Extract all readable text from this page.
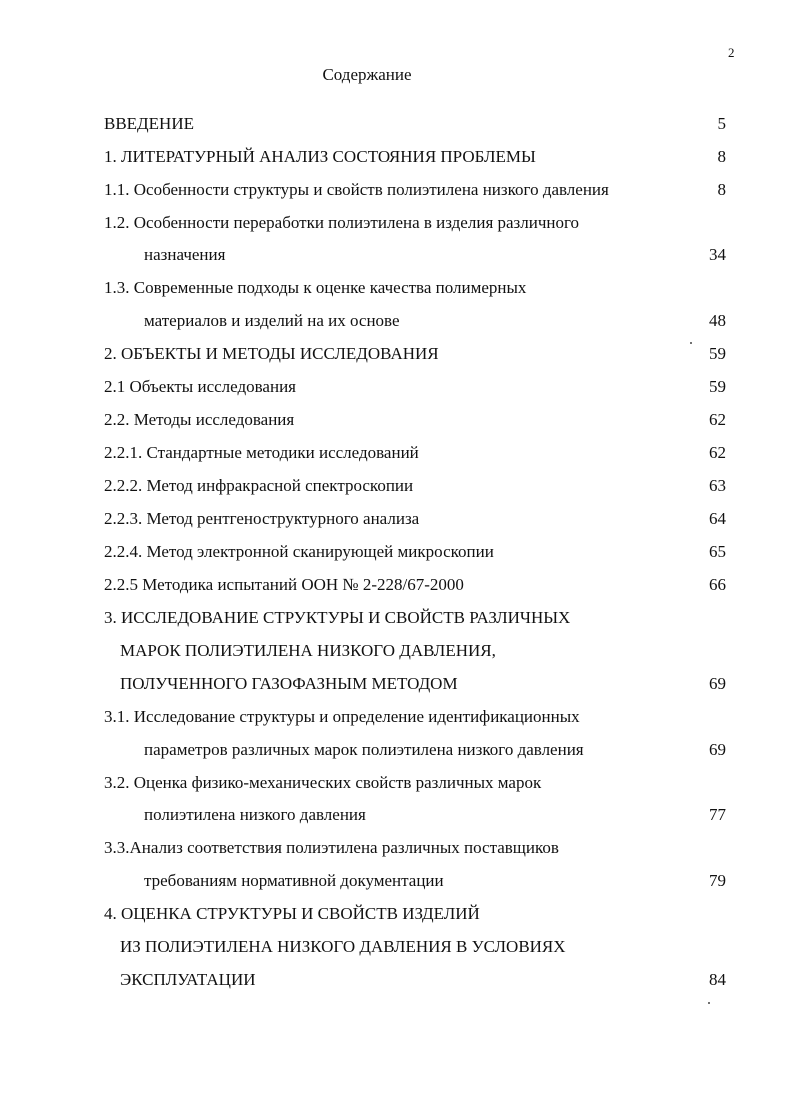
2
Содержание
ВВЕДЕНИЕ	5
1. ЛИТЕРАТУРНЫЙ АНАЛИЗ СОСТОЯНИЯ ПРОБЛЕМЫ	8
1.1. Особенности структуры и свойств полиэтилена низкого давления	8
1.2. Особенности переработки полиэтилена в изделия различного
назначения	34
1.3. Современные подходы к оценке качества полимерных
материалов и изделий на их основе	48
2. ОБЪЕКТЫ И МЕТОДЫ ИССЛЕДОВАНИЯ	59
2.1 Объекты исследования	59
2.2. Методы исследования	62
2.2.1. Стандартные методики исследований	62
2.2.2. Метод инфракрасной спектроскопии	63
2.2.3. Метод рентгеноструктурного анализа	64
2.2.4. Метод электронной сканирующей микроскопии	65
2.2.5 Методика испытаний ООН № 2-228/67-2000	66
3. ИССЛЕДОВАНИЕ СТРУКТУРЫ И СВОЙСТВ РАЗЛИЧНЫХ
МАРОК ПОЛИЭТИЛЕНА НИЗКОГО ДАВЛЕНИЯ,
ПОЛУЧЕННОГО ГАЗОФАЗНЫМ МЕТОДОМ	69
3.1. Исследование структуры и определение идентификационных
параметров различных марок полиэтилена низкого давления	69
3.2. Оценка физико-механических свойств различных марок
полиэтилена низкого давления	77
3.3.Анализ соответствия полиэтилена различных поставщиков
требованиям нормативной документации	79
4. ОЦЕНКА СТРУКТУРЫ И СВОЙСТВ ИЗДЕЛИЙ
ИЗ ПОЛИЭТИЛЕНА НИЗКОГО ДАВЛЕНИЯ В УСЛОВИЯХ
ЭКСПЛУАТАЦИИ	84
